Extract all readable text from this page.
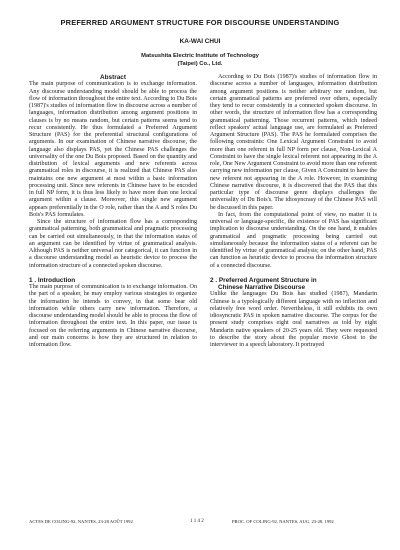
PREFERRED ARGUMENT STRUCTURE FOR DISCOURSE UNDERSTANDING
KA-WAI CHUI
Matsushita Electric Institute of Technology
(Taipei) Co., Ltd.

Abstract

The main purpose of communication is to exchange information. Any discourse understanding model should be able to process the flow of information throughout the entire text. According to Du Bois (1987)'s studies of information flow in discourse across a number of languages, information distribution among argument positions in clauses is by no means random, but certain patterns seems tend to recur consistently. He thus formulated a Preferred Argument Structure (PAS) for the preferential structural configurations of arguments. In our examination of Chinese narrative discourse, the language also displays PAS, yet the Chinese PAS challenges the universality of the one Du Bois proposed. Based on the quantity and distribution of lexical arguments and new referents across grammatical roles in discourse, it is realized that Chinese PAS also maintains one new argument at most within a basic information processing unit. Since new referents in Chinese have to be encoded in full NP form, it is thus less likely to have more than one lexical argument within a clause. Moreover, this single new argument appears preferentially in the O role, rather than the A and S roles Du Bois's PAS formulates.

Since the structure of information flow has a corresponding grammatical patterning, both grammatical and pragmatic processing can be carried out simultaneously, in that the information status of an argument can be identified by virtue of grammatical analysis. Although PAS is neither universal nor categorical, it can function in a discourse understanding model as heuristic device to process the information structure of a connected spoken discourse.

1 . Introduction

The main purpose of communication is to exchange information. On the part of a speaker, he may employ various strategies to organize the information he intends to convey, in that some bear old information while others carry new information. Therefore, a discourse understanding model should be able to process the flow of information throughout the entire text. In this paper, our issue is focused on the referring arguments in Chinese narrative discourse, and our main concerns is how they are structured in relation to information flow.

According to Du Bois (1987)'s studies of information flow in discourse across a number of languages, information distribution among argument positions is neither arbitrary nor random, but certain grammatical patterns are preferred over others, especially they tend to recur consistently in a connected spoken discourse. In other words, the structure of information flow has a corresponding grammatical patterning. Those recurrent patterns, which indeed reflect speakers' actual language use, are formulated as Preferred Argument Structure (PAS). The PAS he formulated comprises the following constraints: One Lexical Argument Constraint to avoid more than one referent in full NP form per clause, Non-Lexical A Constraint to have the single lexical referent not appearing in the A role, One New Argument Constraint to avoid more than one referent carrying new information per clause, Given A Constraint to have the new referent not appearing in the A role. However, in examining Chinese narrative discourse, it is discovered that the PAS that this particular type of discourse genre displays challenges the universality of Du Bois's. The idiosyncrasy of the Chinese PAS will be discussed in this paper.

In fact, from the computational point of view, no matter it is universal or language-specific, the existence of PAS has significant implication to discourse understanding. On the one hand, it enables grammatical and pragmatic processing being carried out simultaneously because the information status of a referent can be identified by virtue of grammatical analysis; on the other hand, PAS can function as heuristic device to process the information structure of a connected discourse.

2 . Preferred Argument Structure in

Chinese Narrative Discourse

Unlike the languages Du Bois has studied (1987), Mandarin Chinese is a typologically different language with no inflection and relatively free word order. Nevertheless, it still exhibits its own idiosyncratic PAS in spoken narrative discourse. The corpus for the present study comprises eight oral narratives as told by eight Mandarin native speakers of 20-25 years old. They were requested to describe the story about the popular movie Ghost to the interviewer in a speech laboratory. It portrayed

ACTES DE COLING-92, NANTES, 23-28 AOÛT 1992	1 1 4 2	PROC. OF COLING-92, NANTES, AUG. 23-28, 1992
